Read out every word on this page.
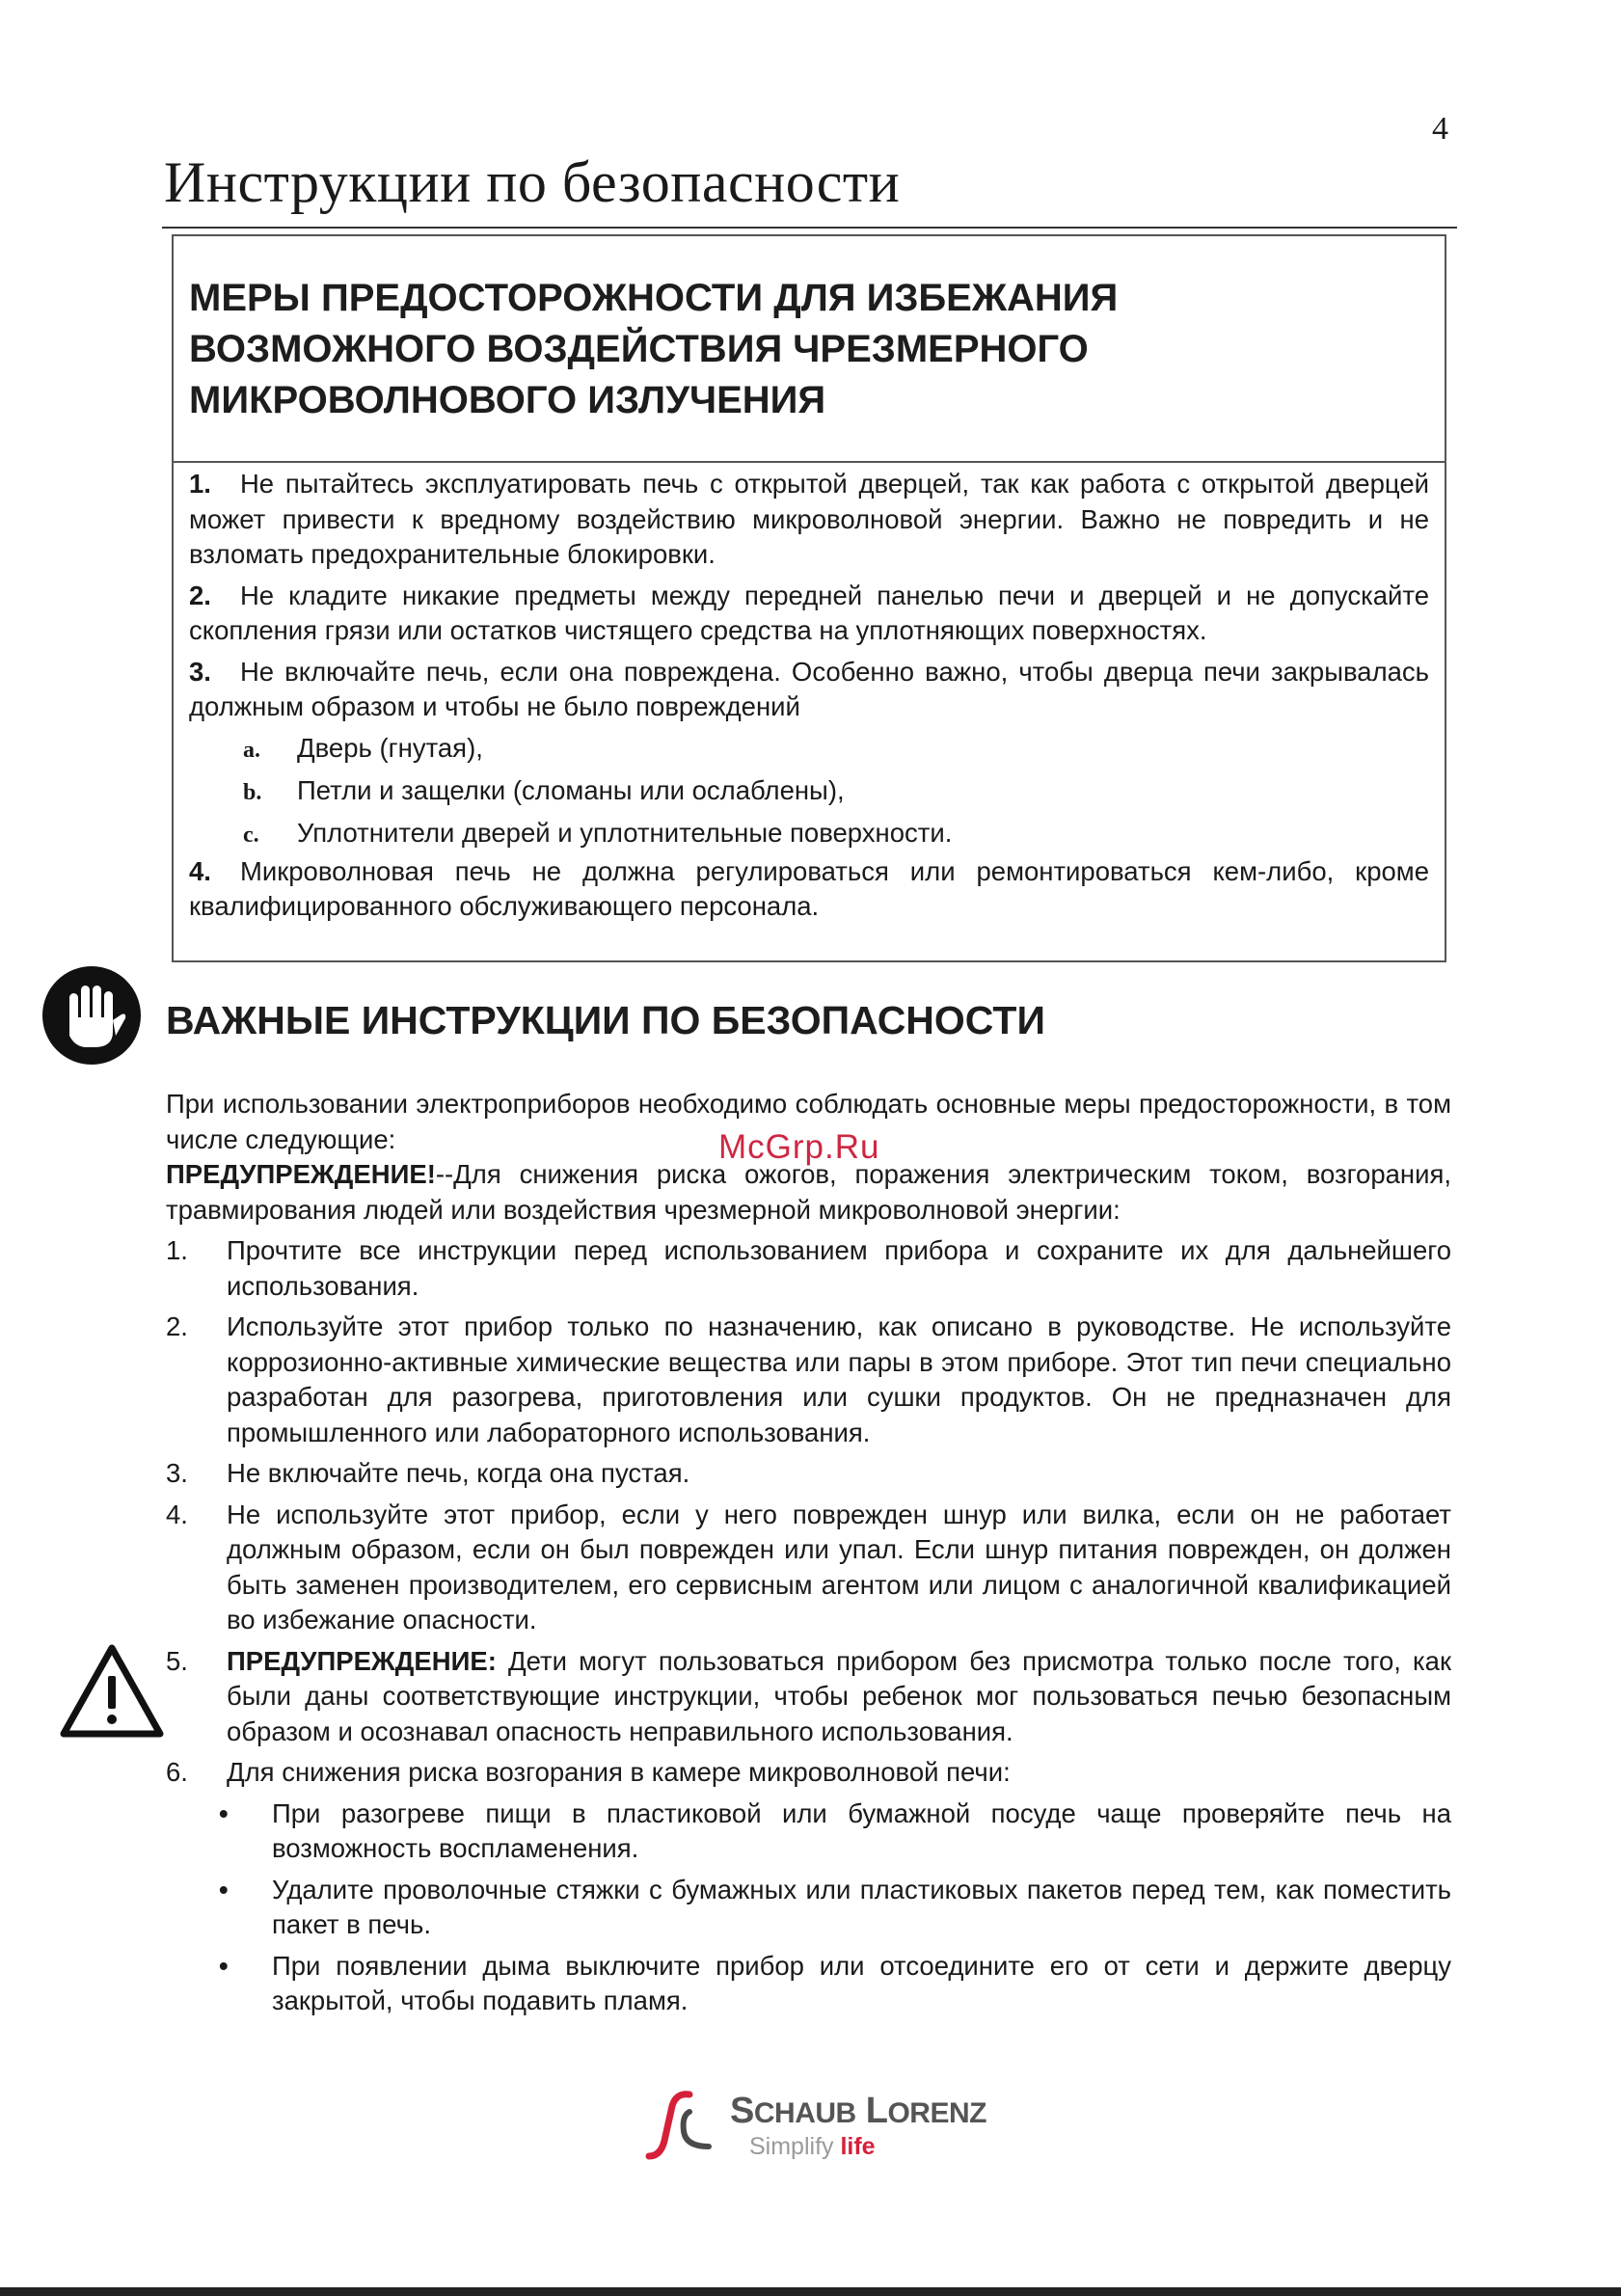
4
Инструкции по безопасности
МЕРЫ ПРЕДОСТОРОЖНОСТИ ДЛЯ ИЗБЕЖАНИЯ
ВОЗМОЖНОГО ВОЗДЕЙСТВИЯ ЧРЕЗМЕРНОГО
МИКРОВОЛНОВОГО ИЗЛУЧЕНИЯ
1. Не пытайтесь эксплуатировать печь с открытой дверцей, так как работа с открытой дверцей может привести к вредному воздействию микроволновой энергии. Важно не повредить и не взломать предохранительные блокировки.
2. Не кладите никакие предметы между передней панелью печи и дверцей и не допускайте скопления грязи или остатков чистящего средства на уплотняющих поверхностях.
3. Не включайте печь, если она повреждена. Особенно важно, чтобы дверца печи закрывалась должным образом и чтобы не было повреждений
a. Дверь (гнутая),
b. Петли и защелки (сломаны или ослаблены),
c. Уплотнители дверей и уплотнительные поверхности.
4. Микроволновая печь не должна регулироваться или ремонтироваться кем-либо, кроме квалифицированного обслуживающего персонала.
ВАЖНЫЕ ИНСТРУКЦИИ ПО БЕЗОПАСНОСТИ
При использовании электроприборов необходимо соблюдать основные меры предосторожности, в том числе следующие:
ПРЕДУПРЕЖДЕНИЕ!--Для снижения риска ожогов, поражения электрическим током, возгорания, травмирования людей или воздействия чрезмерной микроволновой энергии:
1. Прочтите все инструкции перед использованием прибора и сохраните их для дальнейшего использования.
2. Используйте этот прибор только по назначению, как описано в руководстве. Не используйте коррозионно-активные химические вещества или пары в этом приборе. Этот тип печи специально разработан для разогрева, приготовления или сушки продуктов. Он не предназначен для промышленного или лабораторного использования.
3. Не включайте печь, когда она пустая.
4. Не используйте этот прибор, если у него поврежден шнур или вилка, если он не работает должным образом, если он был поврежден или упал. Если шнур питания поврежден, он должен быть заменен производителем, его сервисным агентом или лицом с аналогичной квалификацией во избежание опасности.
5. ПРЕДУПРЕЖДЕНИЕ: Дети могут пользоваться прибором без присмотра только после того, как были даны соответствующие инструкции, чтобы ребенок мог пользоваться печью безопасным образом и осознавал опасность неправильного использования.
6. Для снижения риска возгорания в камере микроволновой печи:
• При разогреве пищи в пластиковой или бумажной посуде чаще проверяйте печь на возможность воспламенения.
• Удалите проволочные стяжки с бумажных или пластиковых пакетов перед тем, как поместить пакет в печь.
• При появлении дыма выключите прибор или отсоедините его от сети и держите дверцу закрытой, чтобы подавить пламя.
McGrp.Ru
SCHAUB LORENZ
Simplify life
